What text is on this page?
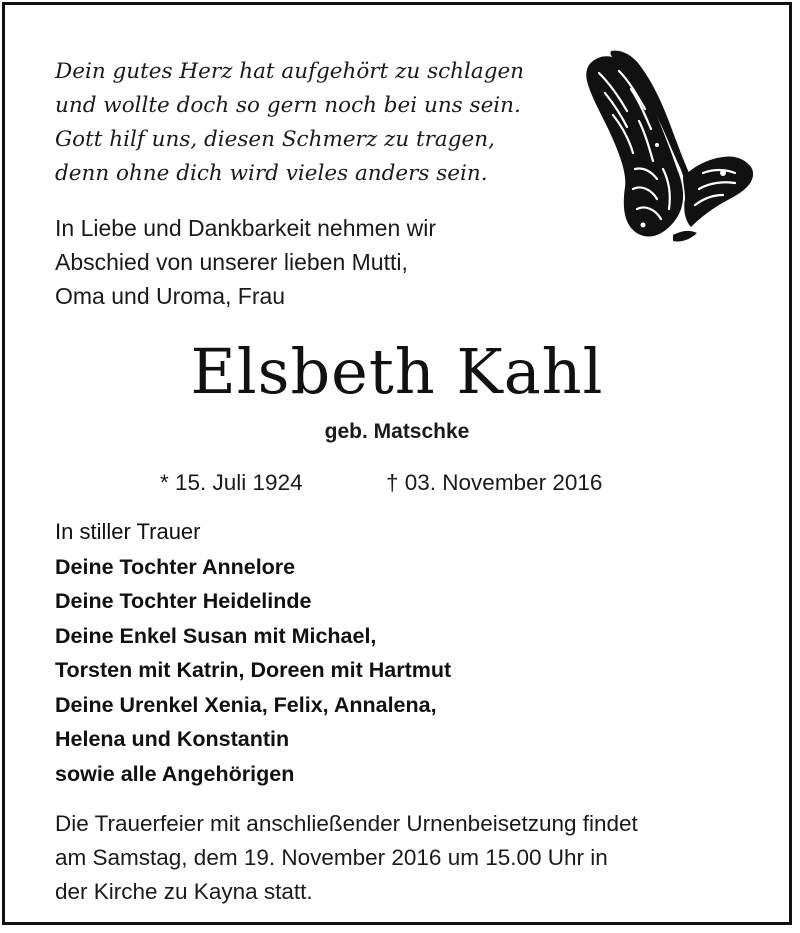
Dein gutes Herz hat aufgehört zu schlagen
und wollte doch so gern noch bei uns sein.
Gott hilf uns, diesen Schmerz zu tragen,
denn ohne dich wird vieles anders sein.
In Liebe und Dankbarkeit nehmen wir
Abschied von unserer lieben Mutti,
Oma und Uroma, Frau
Elsbeth Kahl
geb. Matschke
* 15. Juli 1924	† 03. November 2016
In stiller Trauer
Deine Tochter Annelore
Deine Tochter Heidelinde
Deine Enkel Susan mit Michael,
Torsten mit Katrin, Doreen mit Hartmut
Deine Urenkel Xenia, Felix, Annalena,
Helena und Konstantin
sowie alle Angehörigen
Die Trauerfeier mit anschließender Urnenbeisetzung findet
am Samstag, dem 19. November 2016 um 15.00 Uhr in
der Kirche zu Kayna statt.
